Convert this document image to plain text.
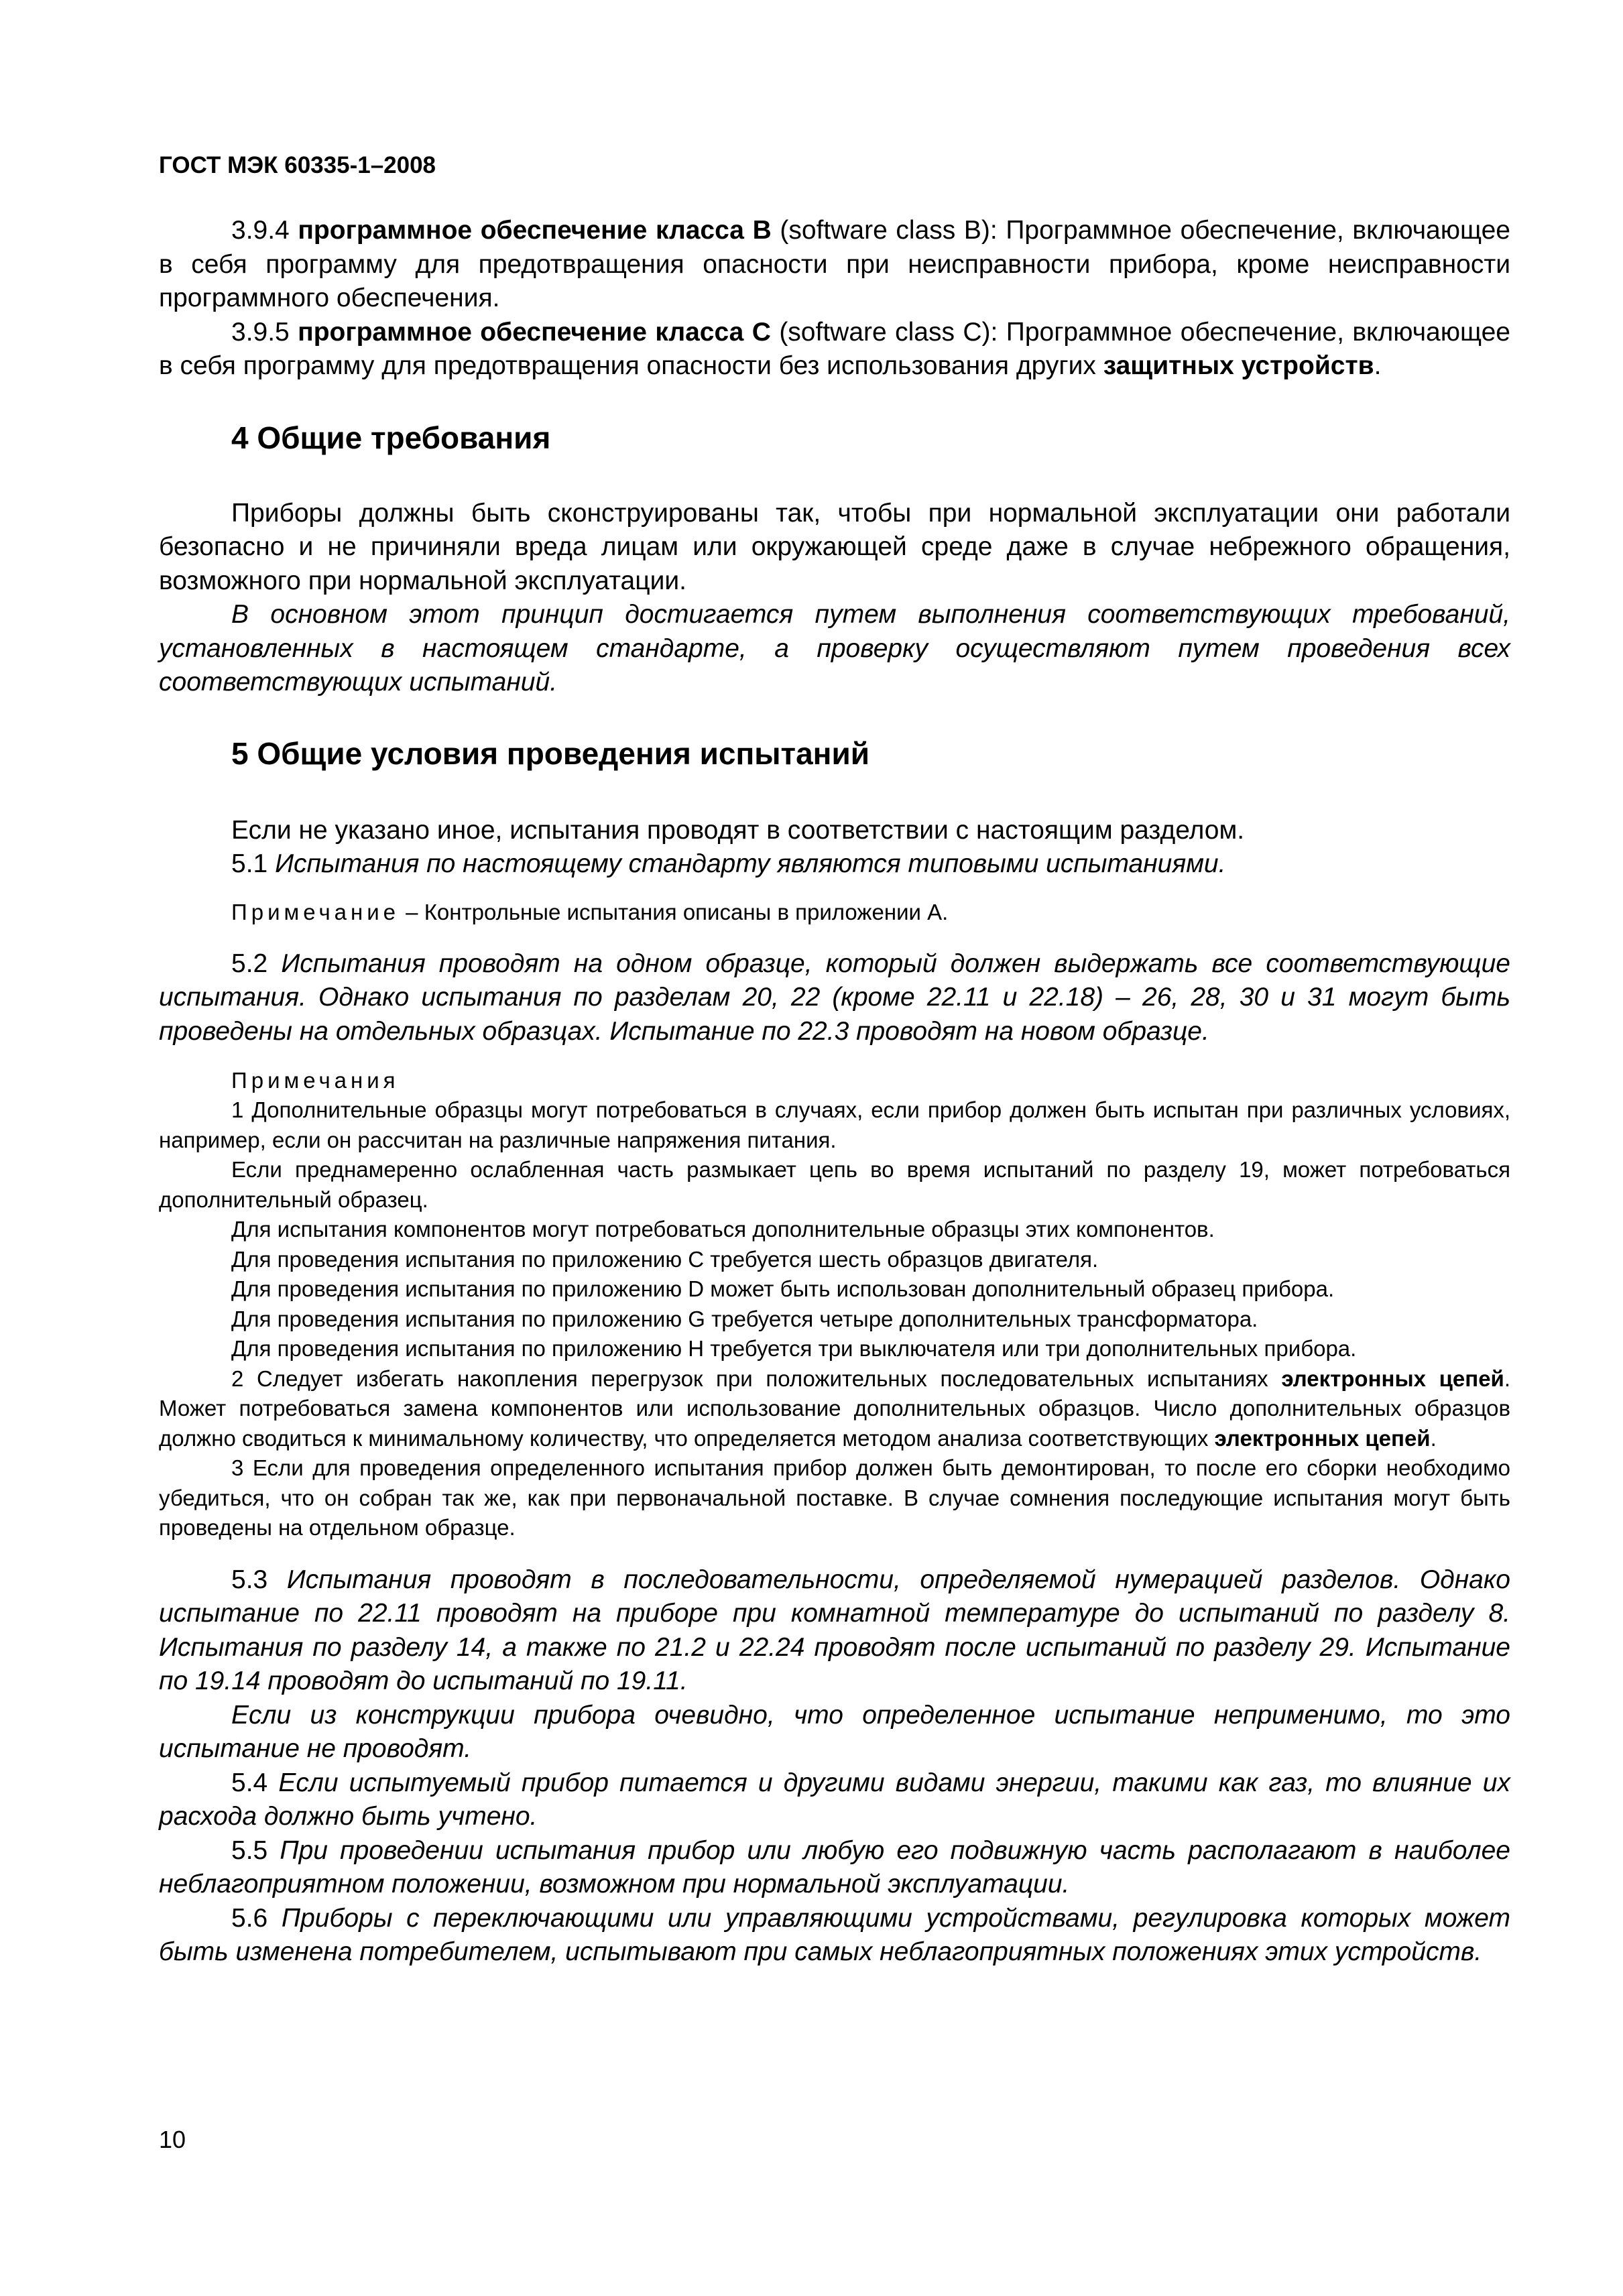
ГОСТ МЭК 60335-1–2008

3.9.4 программное обеспечение класса В (software class B): Программное обеспечение, включающее в себя программу для предотвращения опасности при неисправности прибора, кроме неисправности программного обеспечения.

3.9.5 программное обеспечение класса С (software class C): Программное обеспечение, включающее в себя программу для предотвращения опасности без использования других защитных устройств.

4 Общие требования

Приборы должны быть сконструированы так, чтобы при нормальной эксплуатации они работали безопасно и не причиняли вреда лицам или окружающей среде даже в случае небрежного обращения, возможного при нормальной эксплуатации.

В основном этот принцип достигается путем выполнения соответствующих требований, установленных в настоящем стандарте, а проверку осуществляют путем проведения всех соответствующих испытаний.

5 Общие условия проведения испытаний

Если не указано иное, испытания проводят в соответствии с настоящим разделом.

5.1 Испытания по настоящему стандарту являются типовыми испытаниями.

Примечание – Контрольные испытания описаны в приложении А.

5.2 Испытания проводят на одном образце, который должен выдержать все соответствующие испытания. Однако испытания по разделам 20, 22 (кроме 22.11 и 22.18) – 26, 28, 30 и 31 могут быть проведены на отдельных образцах. Испытание по 22.3 проводят на новом образце.

Примечания

1 Дополнительные образцы могут потребоваться в случаях, если прибор должен быть испытан при различных условиях, например, если он рассчитан на различные напряжения питания.

Если преднамеренно ослабленная часть размыкает цепь во время испытаний по разделу 19, может потребоваться дополнительный образец.

Для испытания компонентов могут потребоваться дополнительные образцы этих компонентов.

Для проведения испытания по приложению С требуется шесть образцов двигателя.

Для проведения испытания по приложению D может быть использован дополнительный образец прибора.

Для проведения испытания по приложению G требуется четыре дополнительных трансформатора.

Для проведения испытания по приложению Н требуется три выключателя или три дополнительных прибора.

2 Следует избегать накопления перегрузок при положительных последовательных испытаниях электронных цепей. Может потребоваться замена компонентов или использование дополнительных образцов. Число дополнительных образцов должно сводиться к минимальному количеству, что определяется методом анализа соответствующих электронных цепей.

3 Если для проведения определенного испытания прибор должен быть демонтирован, то после его сборки необходимо убедиться, что он собран так же, как при первоначальной поставке. В случае сомнения последующие испытания могут быть проведены на отдельном образце.

5.3 Испытания проводят в последовательности, определяемой нумерацией разделов. Однако испытание по 22.11 проводят на приборе при комнатной температуре до испытаний по разделу 8. Испытания по разделу 14, а также по 21.2 и 22.24 проводят после испытаний по разделу 29. Испытание по 19.14 проводят до испытаний по 19.11.

Если из конструкции прибора очевидно, что определенное испытание неприменимо, то это испытание не проводят.

5.4 Если испытуемый прибор питается и другими видами энергии, такими как газ, то влияние их расхода должно быть учтено.

5.5 При проведении испытания прибор или любую его подвижную часть располагают в наиболее неблагоприятном положении, возможном при нормальной эксплуатации.

5.6 Приборы с переключающими или управляющими устройствами, регулировка которых может быть изменена потребителем, испытывают при самых неблагоприятных положениях этих устройств.

10
